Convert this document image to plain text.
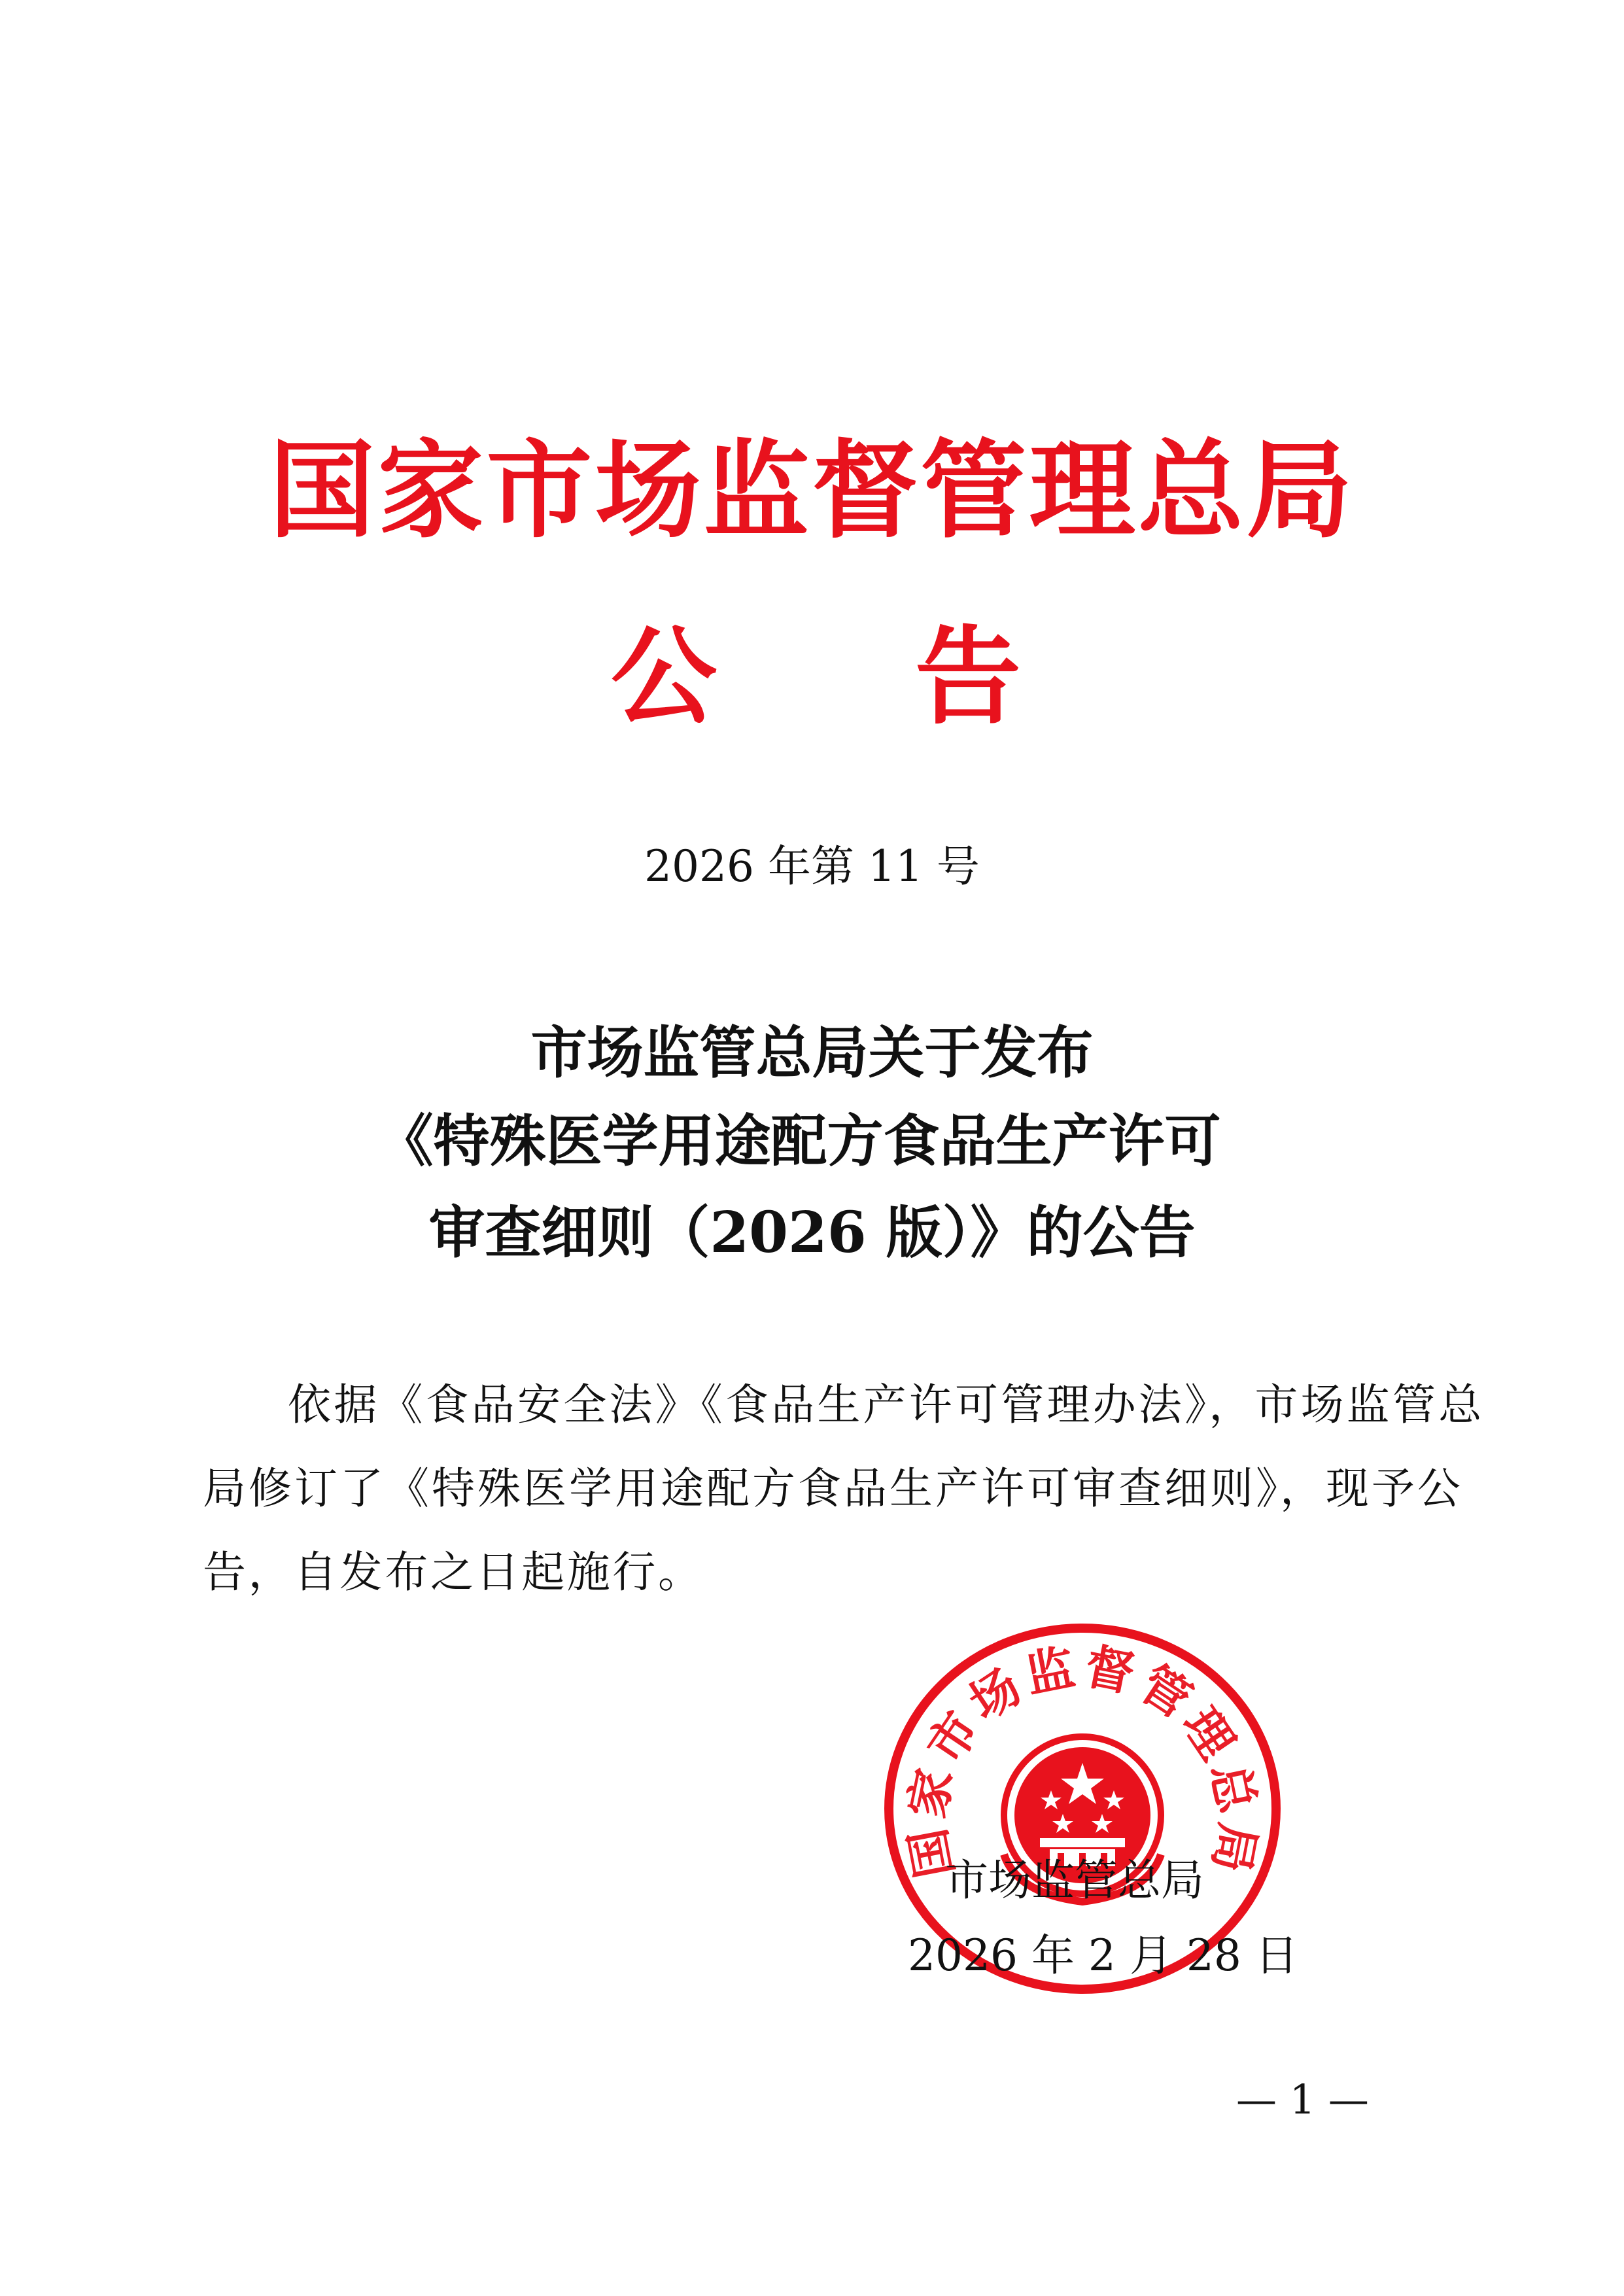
国家市场监督管理总局
公 告
2026 年第 11 号
市场监管总局关于发布
《特殊医学用途配方食品生产许可
审查细则（2026 版）》的公告
依据《食品安全法》《食品生产许可管理办法》，市场监管总
局修订了《特殊医学用途配方食品生产许可审查细则》，现予公
告，自发布之日起施行。
国家市场监督管理总局
市场监管总局
2026 年 2 月 28 日
— 1 —
